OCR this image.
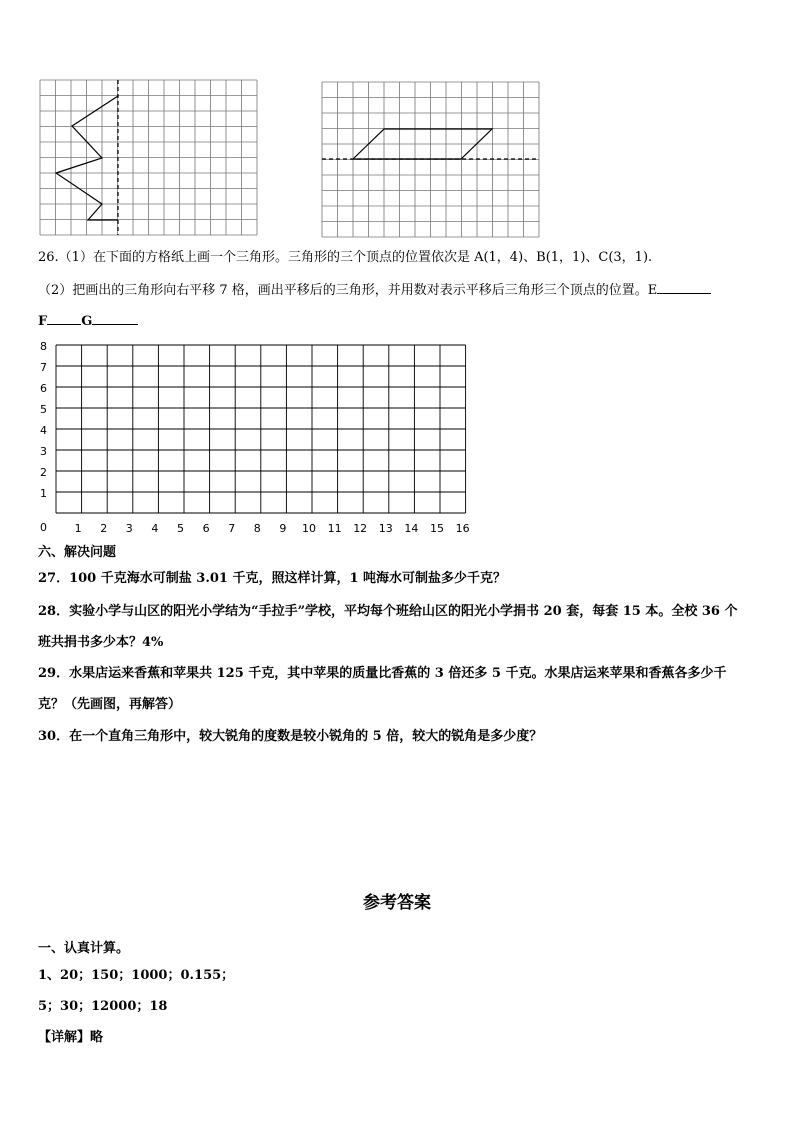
26.（1）在下面的方格纸上画一个三角形。三角形的三个顶点的位置依次是 A(1，4)、B(1，1)、C(3，1).
（2）把画出的三角形向右平移 7 格，画出平移后的三角形，并用数对表示平移后三角形三个顶点的位置。E
F	G
8
7
6
5
4
3
2
1
0	1 2 3 4 5 6 7 8 9 10 11 12 13 14 15 16
六、解决问题
27．100 千克海水可制盐 3.01 千克，照这样计算，1 吨海水可制盐多少千克？
28．实验小学与山区的阳光小学结为“手拉手”学校，平均每个班给山区的阳光小学捐书 20 套，每套 15 本。全校 36 个
班共捐书多少本？4%
29．水果店运来香蕉和苹果共 125 千克，其中苹果的质量比香蕉的 3 倍还多 5 千克。水果店运来苹果和香蕉各多少千
克？（先画图，再解答）
30．在一个直角三角形中，较大锐角的度数是较小锐角的 5 倍，较大的锐角是多少度？
参考答案
一、认真计算。
1、20；150；1000；0.155；
5；30；12000；18
【详解】略
